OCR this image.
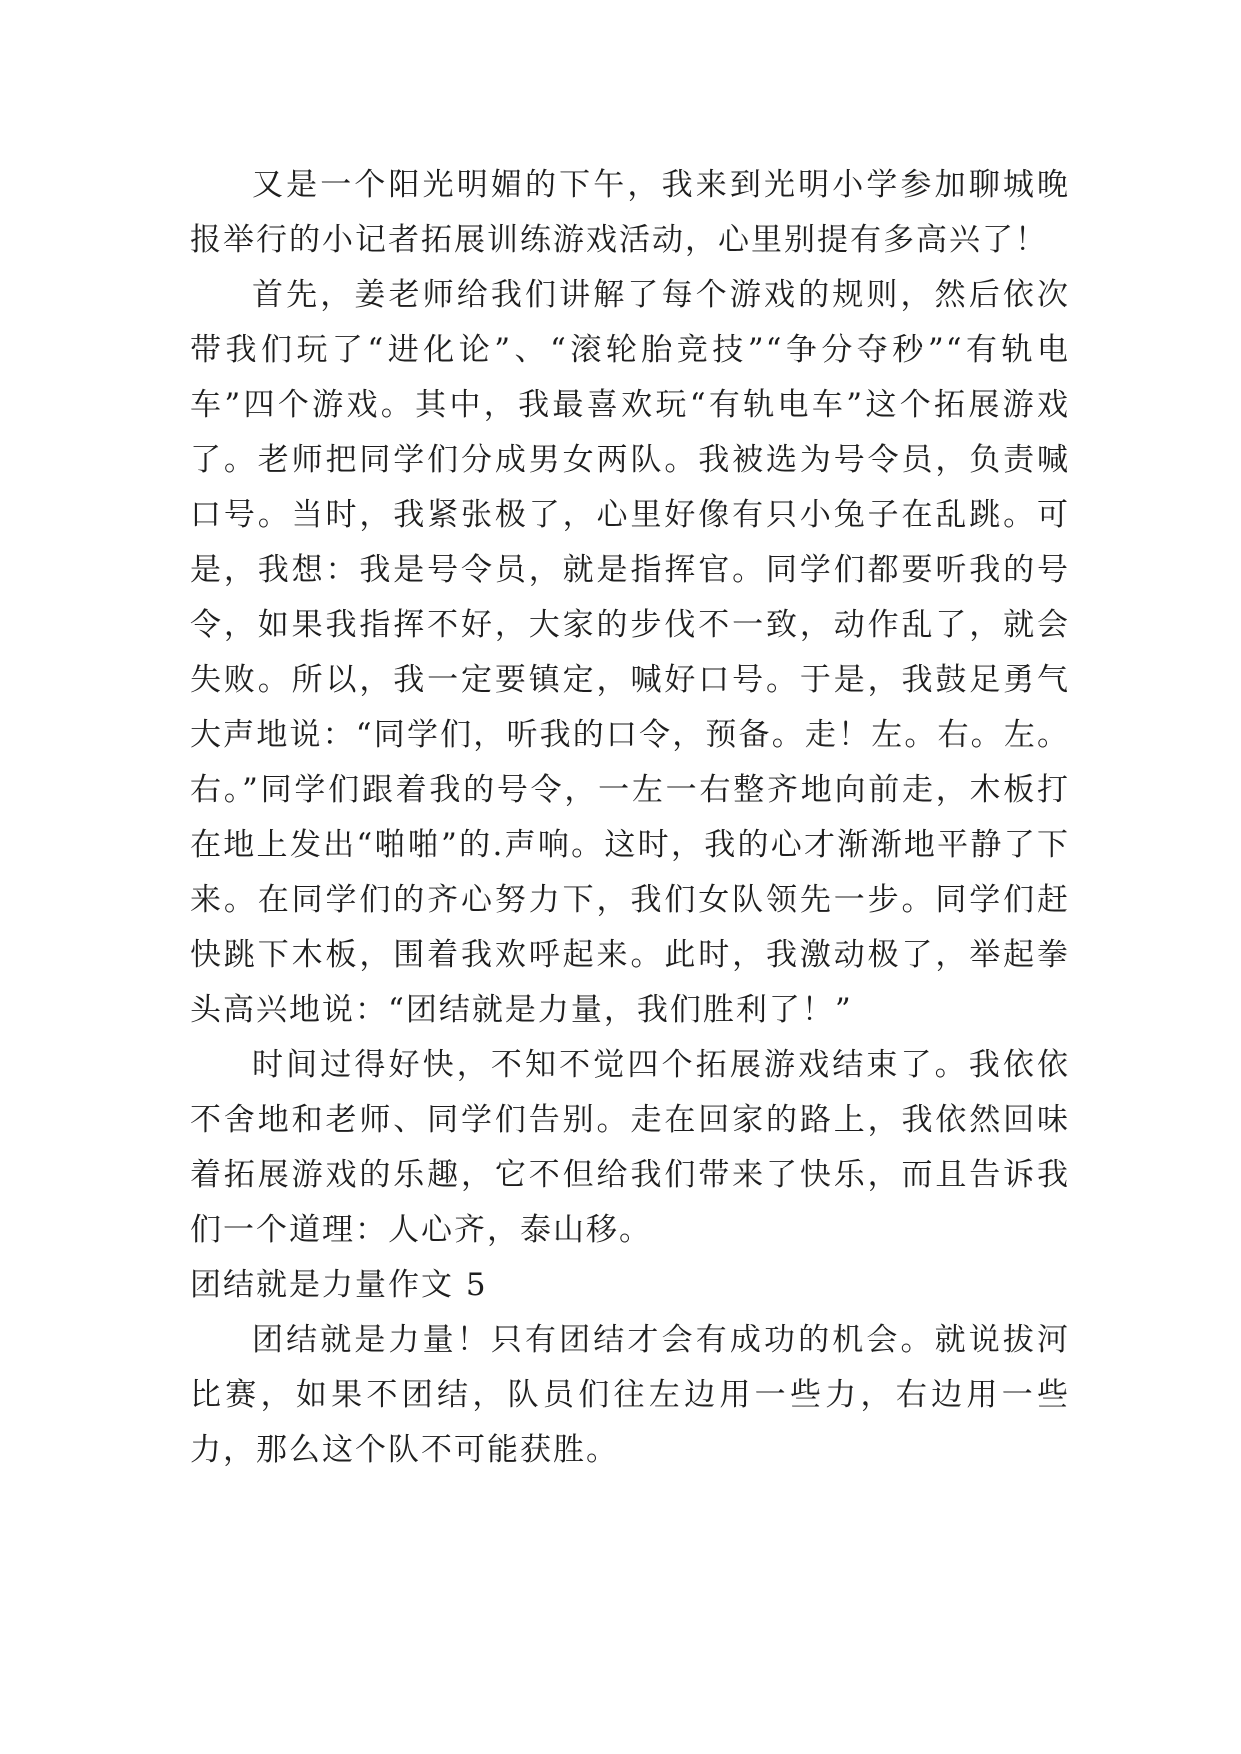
又是一个阳光明媚的下午，我来到光明小学参加聊城晚报举行的小记者拓展训练游戏活动，心里别提有多高兴了！

首先，姜老师给我们讲解了每个游戏的规则，然后依次带我们玩了“进化论”、“滚轮胎竞技”“争分夺秒”“有轨电车”四个游戏。其中，我最喜欢玩“有轨电车”这个拓展游戏了。老师把同学们分成男女两队。我被选为号令员，负责喊口号。当时，我紧张极了，心里好像有只小兔子在乱跳。可是，我想：我是号令员，就是指挥官。同学们都要听我的号令，如果我指挥不好，大家的步伐不一致，动作乱了，就会失败。所以，我一定要镇定，喊好口号。于是，我鼓足勇气大声地说：“同学们，听我的口令，预备。走！左。右。左。右。”同学们跟着我的号令，一左一右整齐地向前走，木板打在地上发出“啪啪”的.声响。这时，我的心才渐渐地平静了下来。在同学们的齐心努力下，我们女队领先一步。同学们赶快跳下木板，围着我欢呼起来。此时，我激动极了，举起拳头高兴地说：“团结就是力量，我们胜利了！”

时间过得好快，不知不觉四个拓展游戏结束了。我依依不舍地和老师、同学们告别。走在回家的路上，我依然回味着拓展游戏的乐趣，它不但给我们带来了快乐，而且告诉我们一个道理：人心齐，泰山移。

团结就是力量作文 5

团结就是力量！只有团结才会有成功的机会。就说拔河比赛，如果不团结，队员们往左边用一些力，右边用一些力，那么这个队不可能获胜。
